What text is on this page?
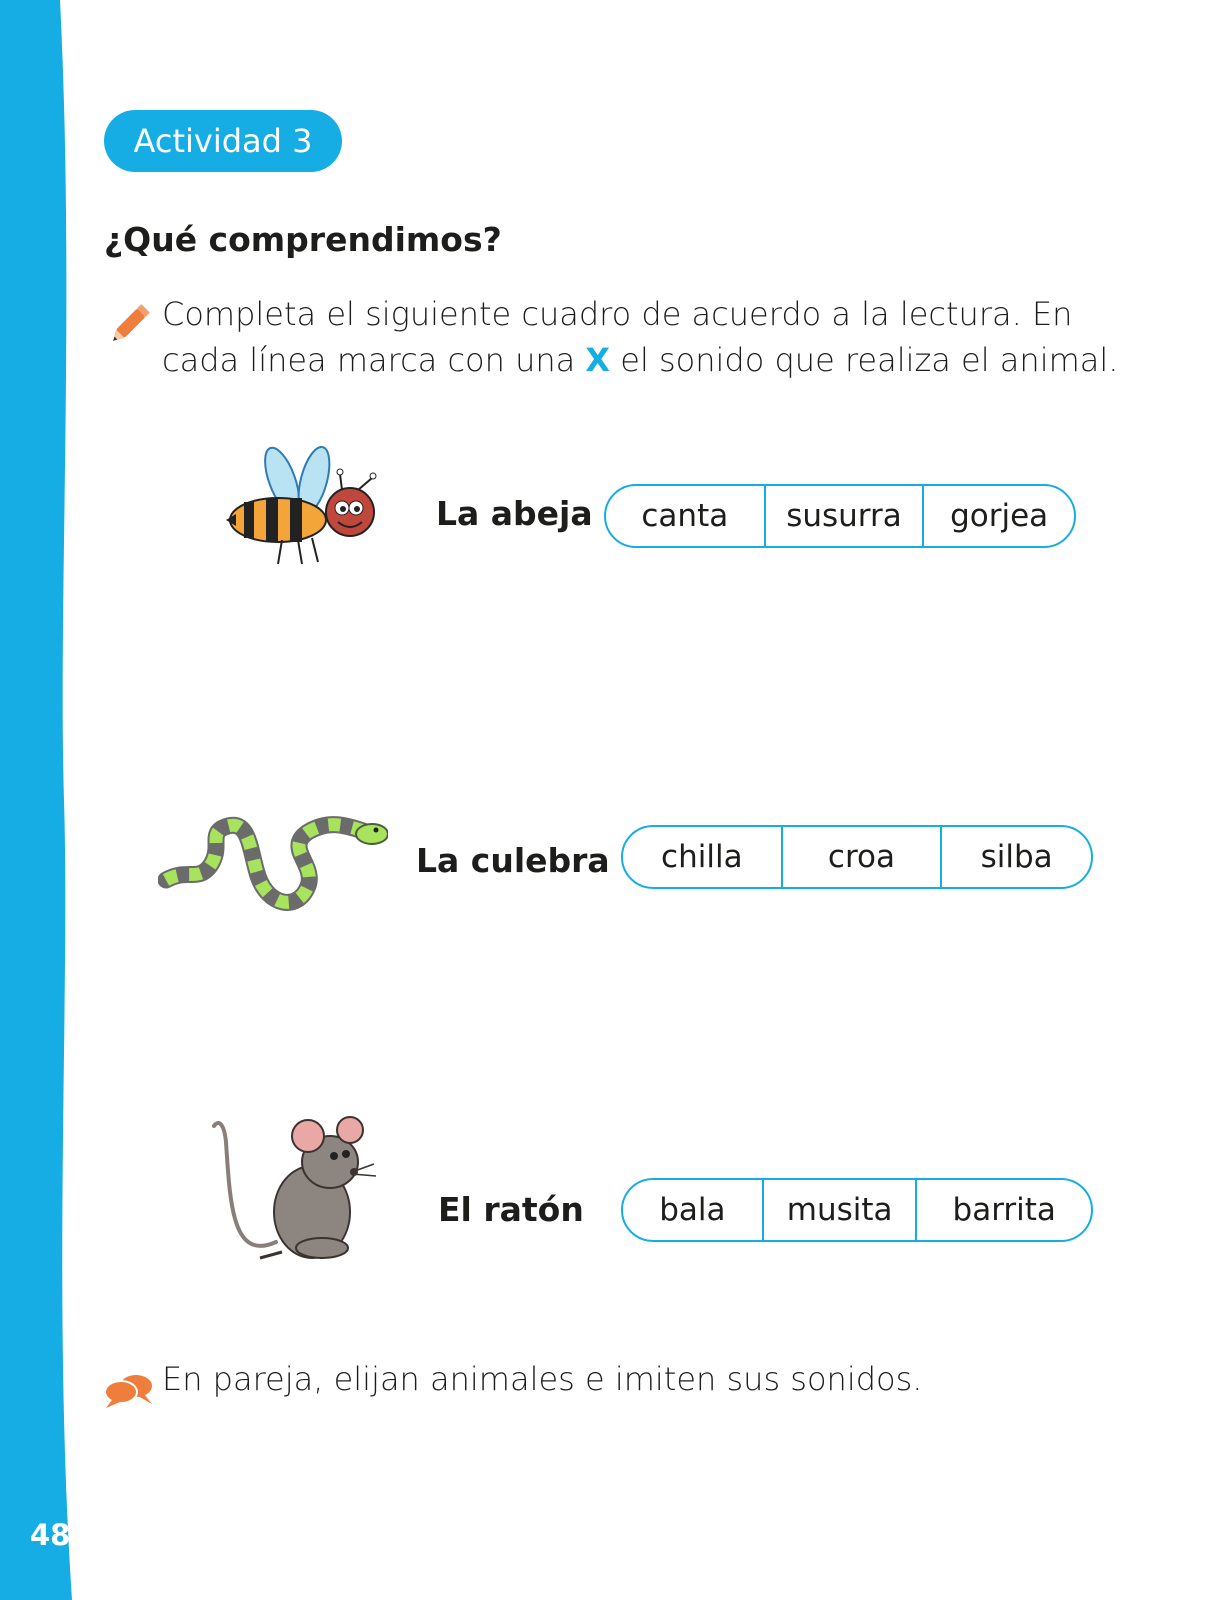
48
Actividad 3
¿Qué comprendimos?
Completa el siguiente cuadro de acuerdo a la lectura. En cada línea marca con una X el sonido que realiza el animal.
La abeja	canta	susurra	gorjea
La culebra	chilla	croa	silba
El ratón	bala	musita	barrita
En pareja, elijan animales e imiten sus sonidos.
